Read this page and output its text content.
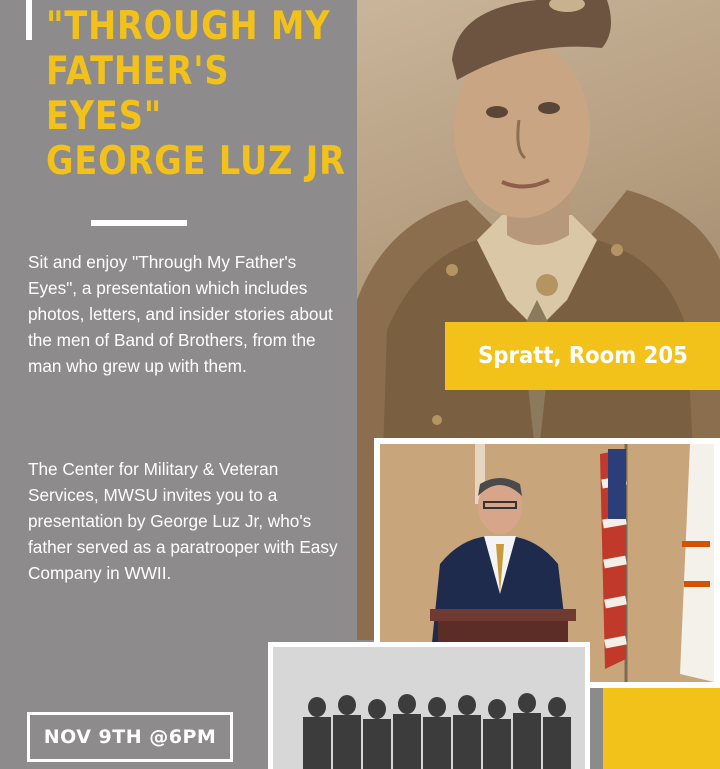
"THROUGH MY
FATHER'S
EYES"
GEORGE LUZ JR

Sit and enjoy "Through My Father's Eyes", a presentation which includes photos, letters, and insider stories about the men of Band of Brothers, from the man who grew up with them.

The Center for Military & Veteran Services, MWSU invites you to a presentation by George Luz Jr, who's father served as a paratrooper with Easy Company in WWII.

NOV 9TH @6PM
Spratt, Room 205
